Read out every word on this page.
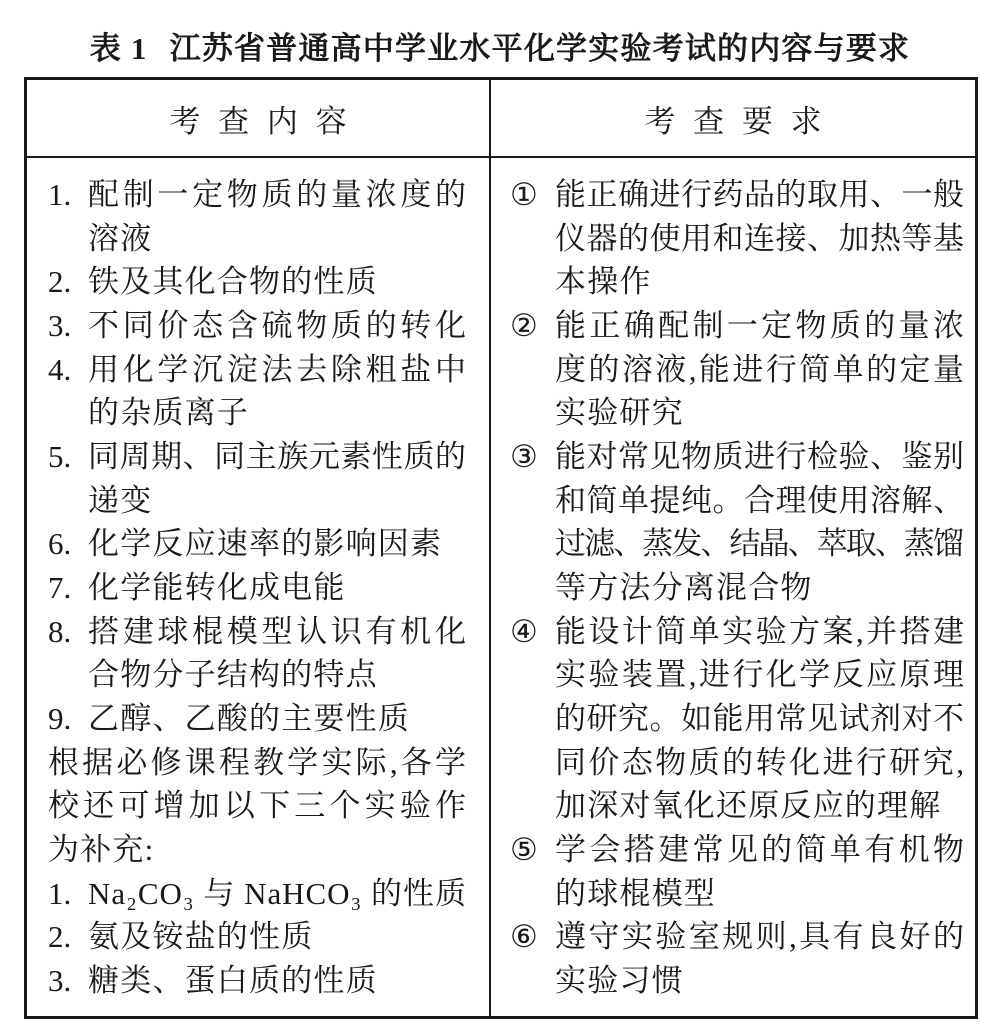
表 1 江苏省普通高中学业水平化学实验考试的内容与要求
考 查 内 容	考 查 要 求
1. 配制一定物质的量浓度的
溶液
2. 铁及其化合物的性质
3. 不同价态含硫物质的转化
4. 用化学沉淀法去除粗盐中
的杂质离子
5. 同周期、同主族元素性质的
递变
6. 化学反应速率的影响因素
7. 化学能转化成电能
8. 搭建球棍模型认识有机化
合物分子结构的特点
9. 乙醇、乙酸的主要性质
根据必修课程教学实际,各学
校还可增加以下三个实验作
为补充:
1. Na₂CO₃ 与 NaHCO₃ 的性质
2. 氨及铵盐的性质
3. 糖类、蛋白质的性质
① 能正确进行药品的取用、一般
仪器的使用和连接、加热等基
本操作
② 能正确配制一定物质的量浓
度的溶液,能进行简单的定量
实验研究
③ 能对常见物质进行检验、鉴别
和简单提纯。合理使用溶解、
过滤、蒸发、结晶、萃取、蒸馏
等方法分离混合物
④ 能设计简单实验方案,并搭建
实验装置,进行化学反应原理
的研究。如能用常见试剂对不
同价态物质的转化进行研究,
加深对氧化还原反应的理解
⑤ 学会搭建常见的简单有机物
的球棍模型
⑥ 遵守实验室规则,具有良好的
实验习惯
